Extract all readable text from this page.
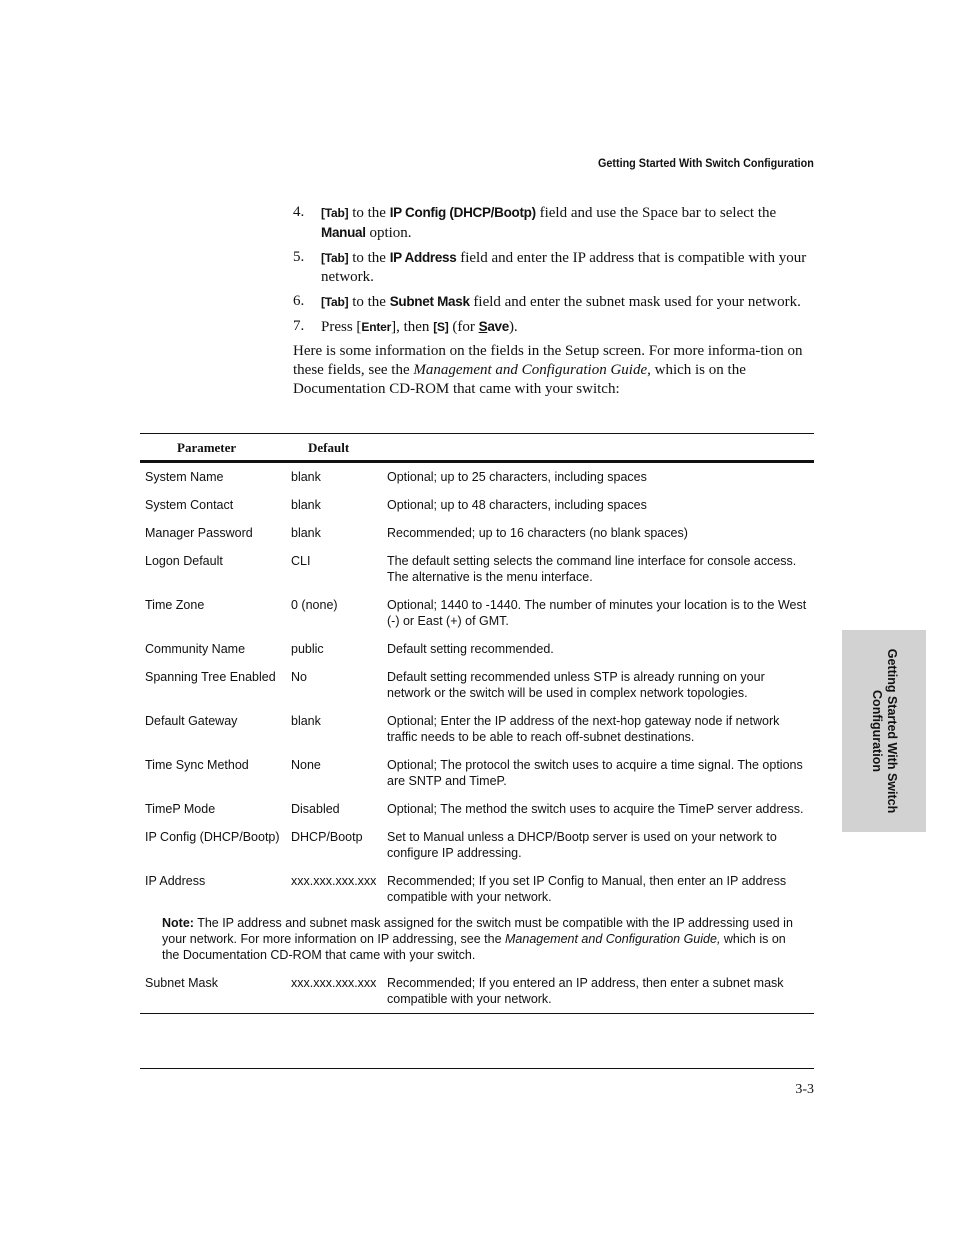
Getting Started With Switch Configuration
4.	[Tab] to the IP Config (DHCP/Bootp) field and use the Space bar to select the Manual option.
5.	[Tab] to the IP Address field and enter the IP address that is compatible with your network.
6.	[Tab] to the Subnet Mask field and enter the subnet mask used for your network.
7.	Press [Enter], then [S] (for Save).
Here is some information on the fields in the Setup screen. For more informa-tion on these fields, see the Management and Configuration Guide, which is on the Documentation CD-ROM that came with your switch:
Parameter	Default
System Name	blank	Optional; up to 25 characters, including spaces
System Contact	blank	Optional; up to 48 characters, including spaces
Manager Password	blank	Recommended; up to 16 characters (no blank spaces)
Logon Default	CLI	The default setting selects the command line interface for console access. The alternative is the menu interface.
Time Zone	0 (none)	Optional; 1440 to -1440. The number of minutes your location is to the West (-) or East (+) of GMT.
Community Name	public	Default setting recommended.
Spanning Tree Enabled	No	Default setting recommended unless STP is already running on your network or the switch will be used in complex network topologies.
Default Gateway	blank	Optional; Enter the IP address of the next-hop gateway node if network traffic needs to be able to reach off-subnet destinations.
Time Sync Method	None	Optional; The protocol the switch uses to acquire a time signal. The options are SNTP and TimeP.
TimeP Mode	Disabled	Optional; The method the switch uses to acquire the TimeP server address.
IP Config (DHCP/Bootp) DHCP/Bootp	Set to Manual unless a DHCP/Bootp server is used on your network to configure IP addressing.
IP Address	xxx.xxx.xxx.xxx Recommended; If you set IP Config to Manual, then enter an IP address compatible with your network.
Note: The IP address and subnet mask assigned for the switch must be compatible with the IP addressing used in your network. For more information on IP addressing, see the Management and Configuration Guide, which is on the Documentation CD-ROM that came with your switch.
Subnet Mask	xxx.xxx.xxx.xxx Recommended; If you entered an IP address, then enter a subnet mask compatible with your network.
3-3
Getting Started With Switch
Configuration
